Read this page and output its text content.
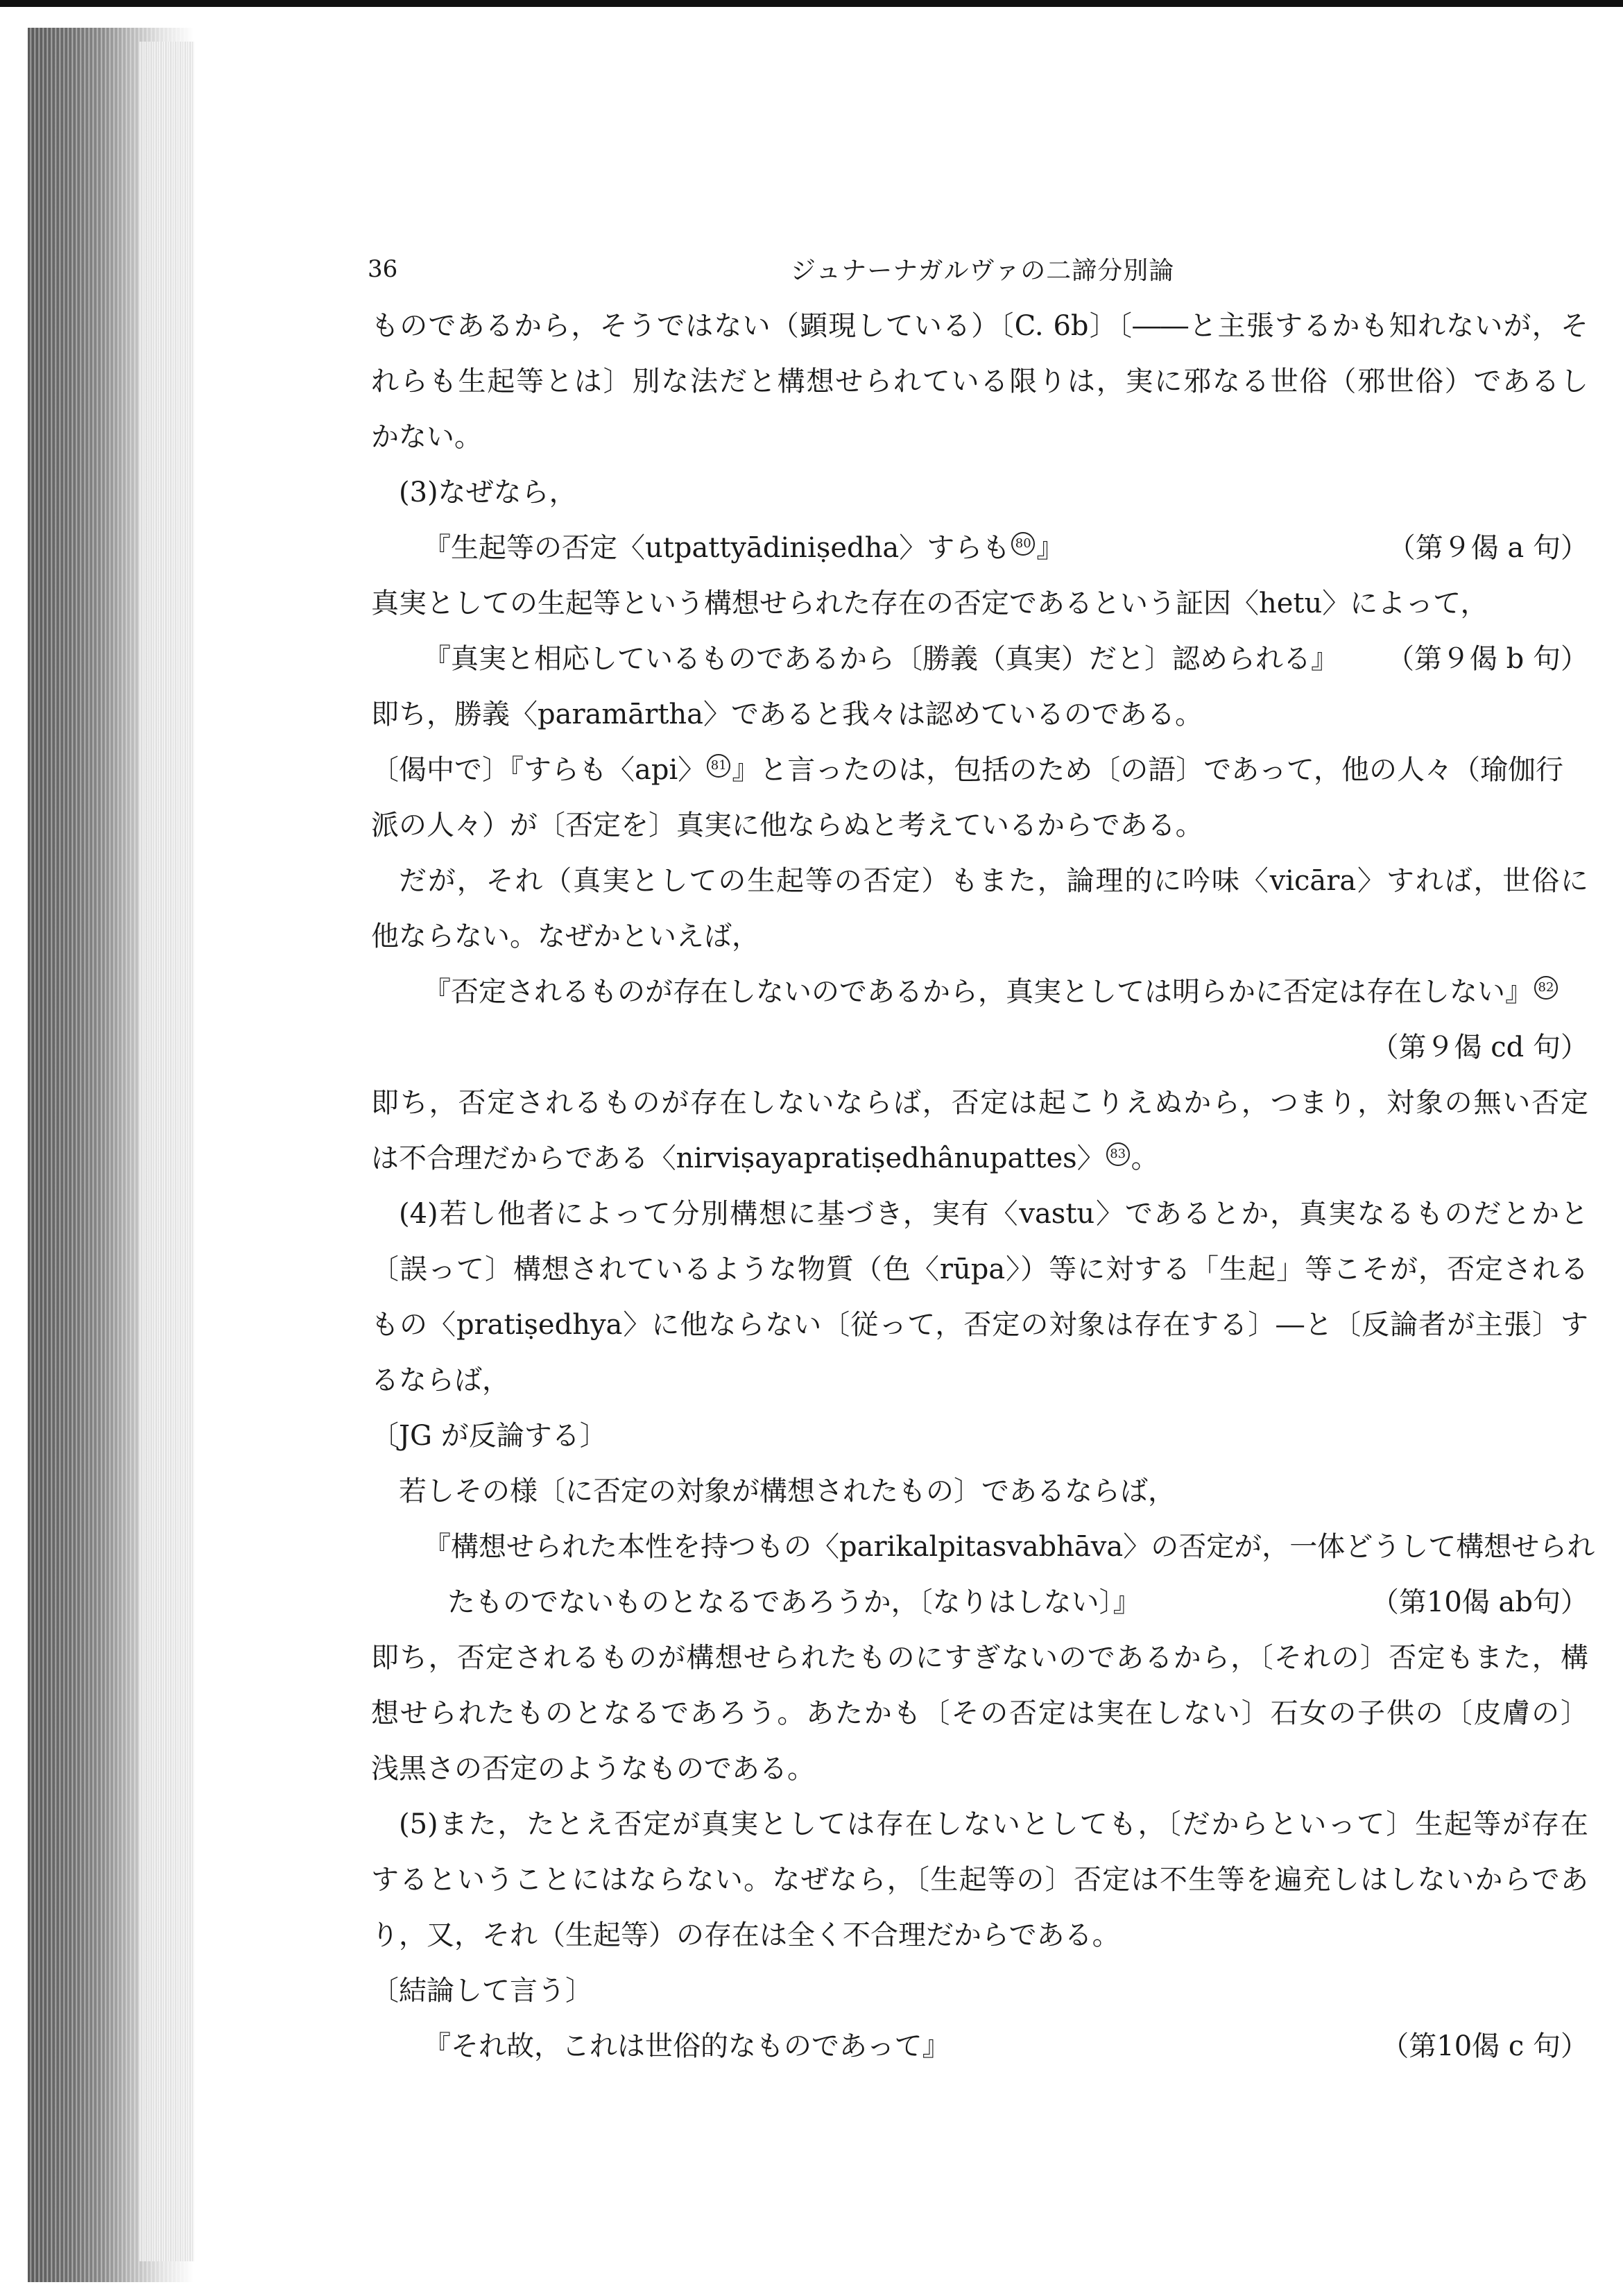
36	ジュナーナガルヴァの二諦分別論
ものであるから，そうではない（顕現している）〔C. 6b〕〔――と主張するかも知れないが，そ
れらも生起等とは〕別な法だと構想せられている限りは，実に邪なる世俗（邪世俗）であるし
かない。
(3)なぜなら，
『生起等の否定〈utpattyādiniṣedha〉すらも 80 』	（第９偈 a 句）
真実としての生起等という構想せられた存在の否定であるという証因〈hetu〉によって，
『真実と相応しているものであるから〔勝義（真実）だと〕認められる』 （第９偈 b 句）
即ち，勝義〈paramārtha〉であると我々は認めているのである。
〔偈中で〕『すらも〈api〉 81 』と言ったのは，包括のため〔の語〕であって，他の人々（瑜伽行
派の人々）が〔否定を〕真実に他ならぬと考えているからである。
だが，それ（真実としての生起等の否定）もまた，論理的に吟味〈vicāra〉すれば，世俗に
他ならない。なぜかといえば，
『否定されるものが存在しないのであるから，真実としては明らかに否定は存在しない』 82
（第９偈 cd 句）
即ち，否定されるものが存在しないならば，否定は起こりえぬから，つまり，対象の無い否定
は不合理だからである〈nirviṣayapratiṣedhânupattes〉 83 。
(4)若し他者によって分別構想に基づき，実有〈vastu〉であるとか，真実なるものだとかと
〔誤って〕構想されているような物質（色〈rūpa〉）等に対する「生起」等こそが，否定される
もの〈pratiṣedhya〉に他ならない〔従って，否定の対象は存在する〕―と〔反論者が主張〕す
るならば，
〔JG が反論する〕
若しその様〔に否定の対象が構想されたもの〕であるならば，
『構想せられた本性を持つもの〈parikalpitasvabhāva〉の否定が，一体どうして構想せられ
たものでないものとなるであろうか，〔なりはしない〕』	（第10偈 ab句）
即ち，否定されるものが構想せられたものにすぎないのであるから，〔それの〕否定もまた，構
想せられたものとなるであろう。あたかも〔その否定は実在しない〕石女の子供の〔皮膚の〕
浅黒さの否定のようなものである。
(5)また，たとえ否定が真実としては存在しないとしても，〔だからといって〕生起等が存在
するということにはならない。なぜなら，〔生起等の〕否定は不生等を遍充しはしないからであ
り，又，それ（生起等）の存在は全く不合理だからである。
〔結論して言う〕
『それ故，これは世俗的なものであって』	（第10偈 c 句）
